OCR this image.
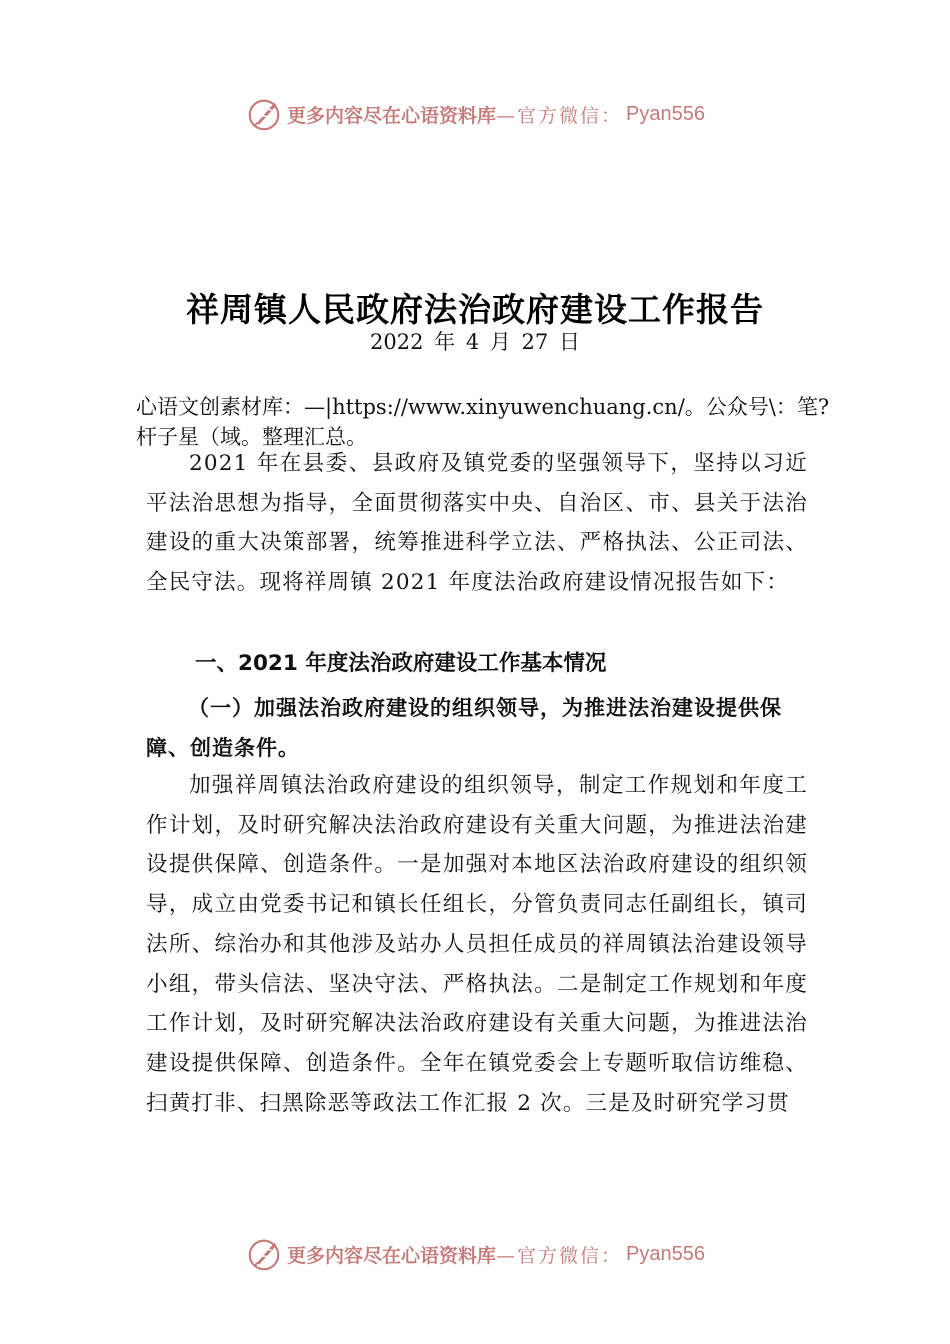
更多内容尽在心语资料库 —官方微信： Pyan556
祥周镇人民政府法治政府建设工作报告
2022 年 4 月 27 日

心语文创素材库：—|https://www.xinyuwenchuang.cn/。公众号\：笔?杆子星（域。整理汇总。

2021 年在县委、县政府及镇党委的坚强领导下，坚持以习近平法治思想为指导，全面贯彻落实中央、自治区、市、县关于法治建设的重大决策部署，统筹推进科学立法、严格执法、公正司法、全民守法。现将祥周镇 2021 年度法治政府建设情况报告如下：

一、2021 年度法治政府建设工作基本情况
（一）加强法治政府建设的组织领导，为推进法治建设提供保障、创造条件。

加强祥周镇法治政府建设的组织领导，制定工作规划和年度工作计划，及时研究解决法治政府建设有关重大问题，为推进法治建设提供保障、创造条件。一是加强对本地区法治政府建设的组织领导，成立由党委书记和镇长任组长，分管负责同志任副组长，镇司法所、综治办和其他涉及站办人员担任成员的祥周镇法治建设领导小组，带头信法、坚决守法、严格执法。二是制定工作规划和年度工作计划，及时研究解决法治政府建设有关重大问题，为推进法治建设提供保障、创造条件。全年在镇党委会上专题听取信访维稳、扫黄打非、扫黑除恶等政法工作汇报 2 次。三是及时研究学习贯

更多内容尽在心语资料库 —官方微信： Pyan556
